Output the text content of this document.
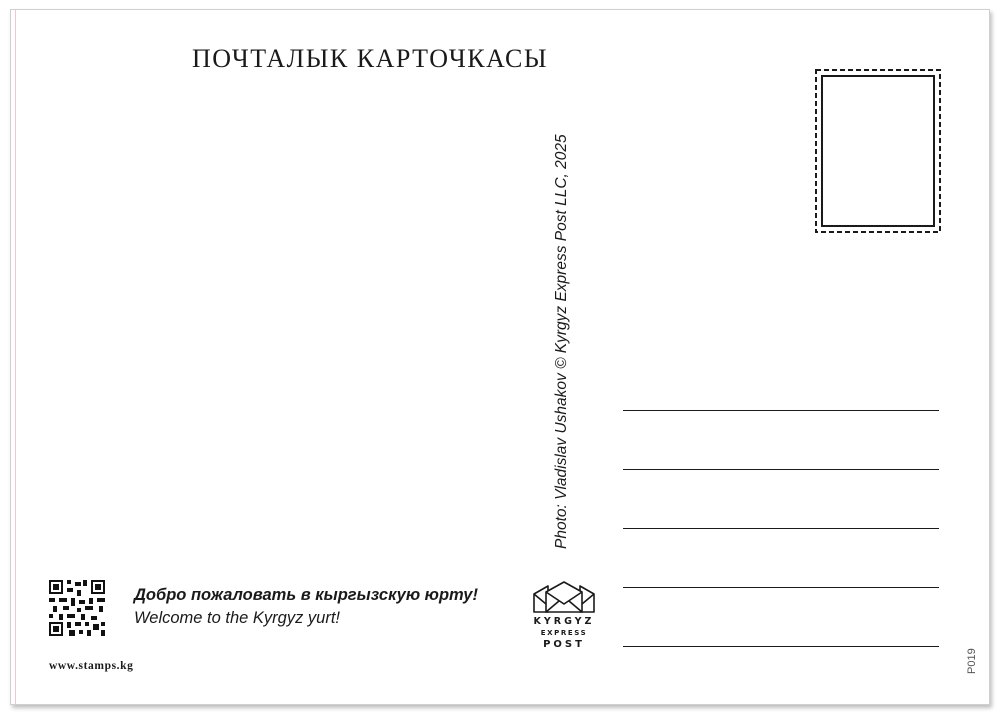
ПОЧТАЛЫК КАРТОЧКАСЫ
Photo: Vladislav Ushakov © Kyrgyz Express Post LLC, 2025
Добро пожаловать в кыргызскую юрту!
Welcome to the Kyrgyz yurt!
www.stamps.kg
KYRGYZ
EXPRESS
POST
P019
